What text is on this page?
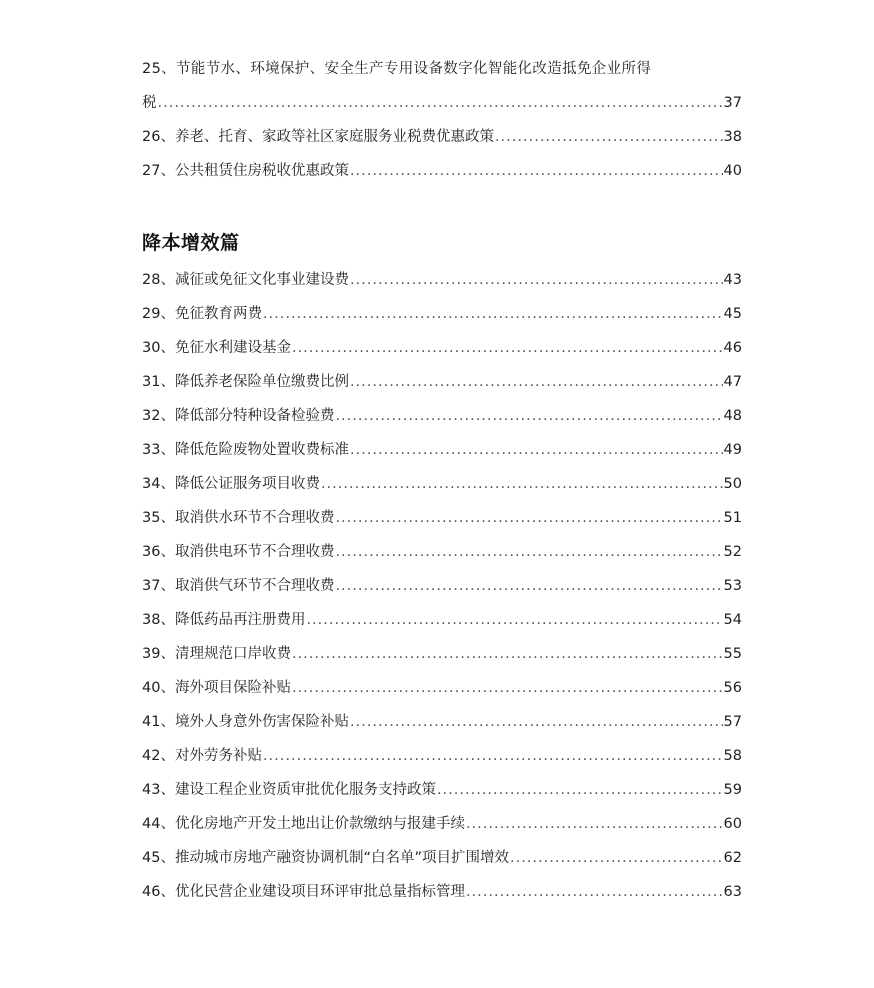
25、节能节水、环境保护、安全生产专用设备数字化智能化改造抵免企业所得
税 .....	37
26、养老、托育、家政等社区家庭服务业税费优惠政策 .....	38
27、公共租赁住房税收优惠政策 .....	40
降本增效篇
28、减征或免征文化事业建设费 .....	43
29、免征教育两费 .....	45
30、免征水利建设基金 .....	46
31、降低养老保险单位缴费比例 .....	47
32、降低部分特种设备检验费 .....	48
33、降低危险废物处置收费标准 .....	49
34、降低公证服务项目收费 .....	50
35、取消供水环节不合理收费 .....	51
36、取消供电环节不合理收费 .....	52
37、取消供气环节不合理收费 .....	53
38、降低药品再注册费用 .....	54
39、清理规范口岸收费 .....	55
40、海外项目保险补贴 .....	56
41、境外人身意外伤害保险补贴 .....	57
42、对外劳务补贴 .....	58
43、建设工程企业资质审批优化服务支持政策 .....	59
44、优化房地产开发土地出让价款缴纳与报建手续 .....	60
45、推动城市房地产融资协调机制“白名单”项目扩围增效 .....	62
46、优化民营企业建设项目环评审批总量指标管理 .....	63
